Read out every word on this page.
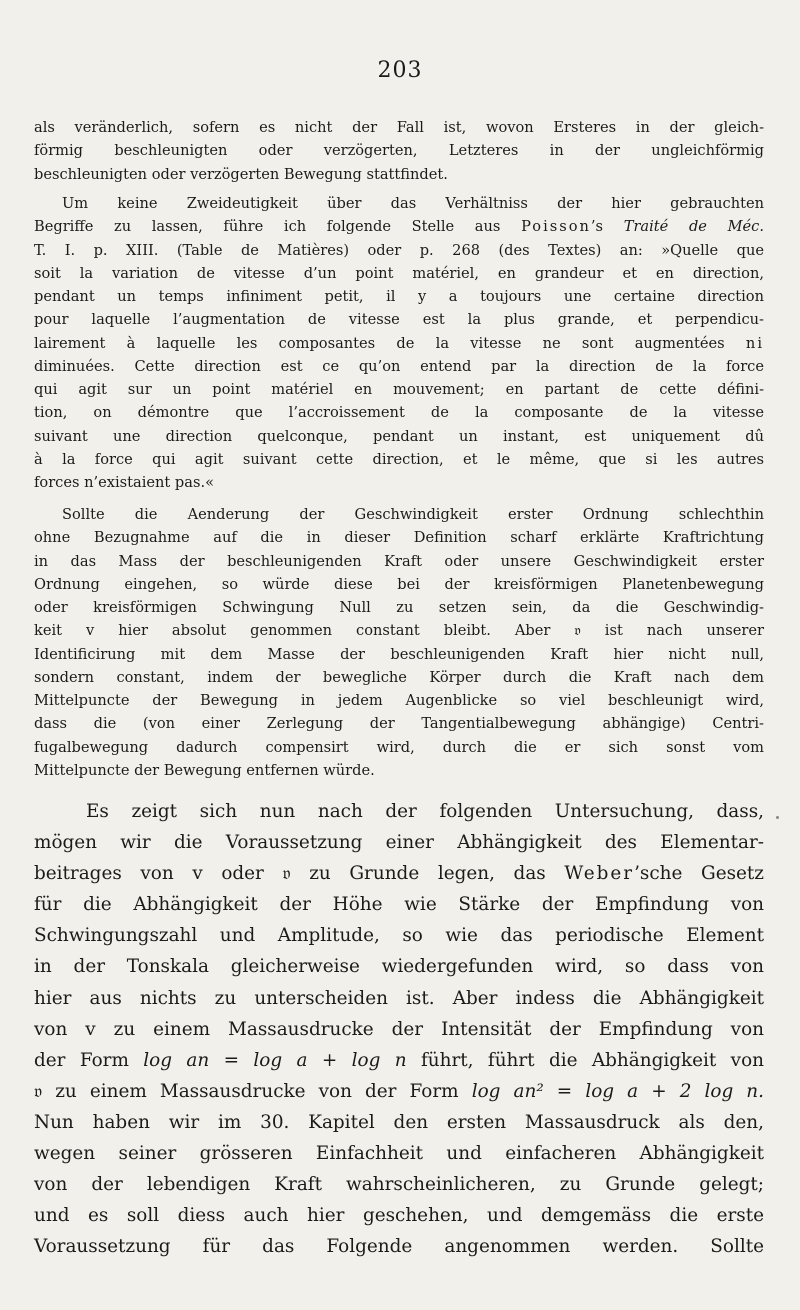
203
als veränderlich, sofern es nicht der Fall ist, wovon Ersteres in der gleich-
förmig beschleunigten oder verzögerten, Letzteres in der ungleichförmig
beschleunigten oder verzögerten Bewegung stattfindet.
Um keine Zweideutigkeit über das Verhältniss der hier gebrauchten
Begriffe zu lassen, führe ich folgende Stelle aus Poisson’s Traité de Méc.
T. I. p. XIII. (Table de Matières) oder p. 268 (des Textes) an: »Quelle que
soit la variation de vitesse d’un point matériel, en grandeur et en direction,
pendant un temps infiniment petit, il y a toujours une certaine direction
pour laquelle l’augmentation de vitesse est la plus grande, et perpendicu-
lairement à laquelle les composantes de la vitesse ne sont augmentées ni
diminuées. Cette direction est ce qu’on entend par la direction de la force
qui agit sur un point matériel en mouvement; en partant de cette défini-
tion, on démontre que l’accroissement de la composante de la vitesse
suivant une direction quelconque, pendant un instant, est uniquement dû
à la force qui agit suivant cette direction, et le même, que si les autres
forces n’existaient pas.«
Sollte die Aenderung der Geschwindigkeit erster Ordnung schlechthin
ohne Bezugnahme auf die in dieser Definition scharf erklärte Kraftrichtung
in das Mass der beschleunigenden Kraft oder unsere Geschwindigkeit erster
Ordnung eingehen, so würde diese bei der kreisförmigen Planetenbewegung
oder kreisförmigen Schwingung Null zu setzen sein, da die Geschwindig-
keit v hier absolut genommen constant bleibt. Aber 𝔳 ist nach unserer
Identificirung mit dem Masse der beschleunigenden Kraft hier nicht null,
sondern constant, indem der bewegliche Körper durch die Kraft nach dem
Mittelpuncte der Bewegung in jedem Augenblicke so viel beschleunigt wird,
dass die (von einer Zerlegung der Tangentialbewegung abhängige) Centri-
fugalbewegung dadurch compensirt wird, durch die er sich sonst vom
Mittelpuncte der Bewegung entfernen würde.
Es zeigt sich nun nach der folgenden Untersuchung, dass,
mögen wir die Voraussetzung einer Abhängigkeit des Elementar-
beitrages von v oder 𝔳 zu Grunde legen, das Weber’sche Gesetz
für die Abhängigkeit der Höhe wie Stärke der Empfindung von
Schwingungszahl und Amplitude, so wie das periodische Element
in der Tonskala gleicherweise wiedergefunden wird, so dass von
hier aus nichts zu unterscheiden ist. Aber indess die Abhängigkeit
von v zu einem Massausdrucke der Intensität der Empfindung von
der Form log an = log a + log n führt, führt die Abhängigkeit von
𝔳 zu einem Massausdrucke von der Form log an² = log a + 2 log n.
Nun haben wir im 30. Kapitel den ersten Massausdruck als den,
wegen seiner grösseren Einfachheit und einfacheren Abhängigkeit
von der lebendigen Kraft wahrscheinlicheren, zu Grunde gelegt;
und es soll diess auch hier geschehen, und demgemäss die erste
Voraussetzung für das Folgende angenommen werden. Sollte
